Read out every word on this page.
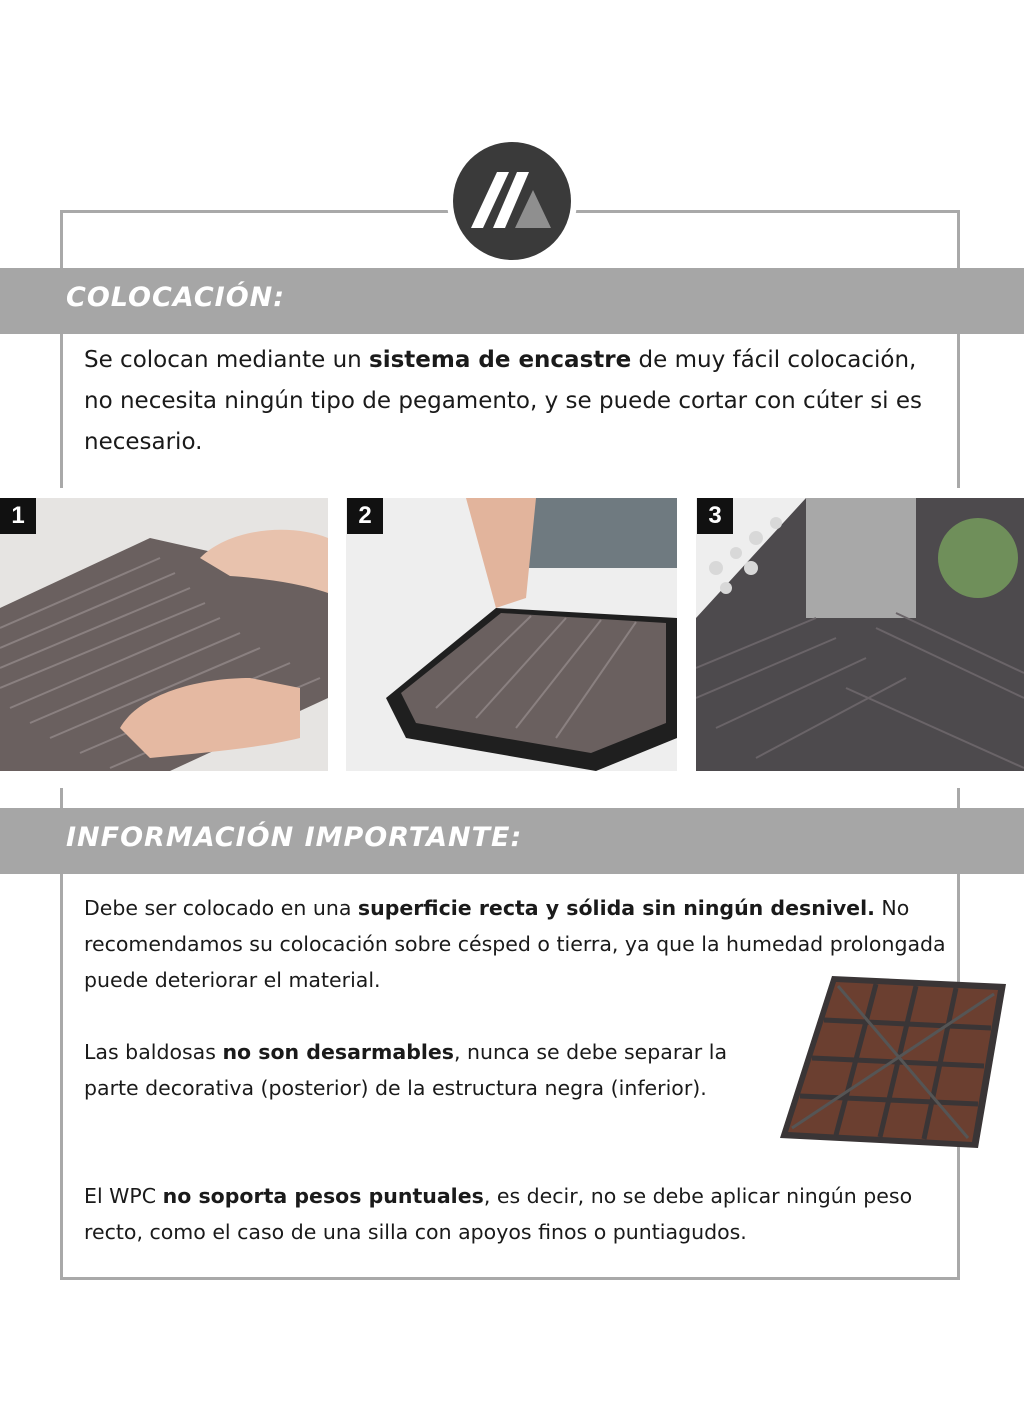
COLOCACIÓN:

Se colocan mediante un sistema de encastre de muy fácil colocación, no necesita ningún tipo de pegamento, y se puede cortar con cúter si es necesario.

1	2	3
INFORMACIÓN IMPORTANTE:

Debe ser colocado en una superficie recta y sólida sin ningún desnivel. No recomendamos su colocación sobre césped o tierra, ya que la humedad prolongada puede deteriorar el material.

Las baldosas no son desarmables, nunca se debe separar la parte decorativa (posterior) de la estructura negra (inferior).

El WPC no soporta pesos puntuales, es decir, no se debe aplicar ningún peso recto, como el caso de una silla con apoyos finos o puntiagudos.
